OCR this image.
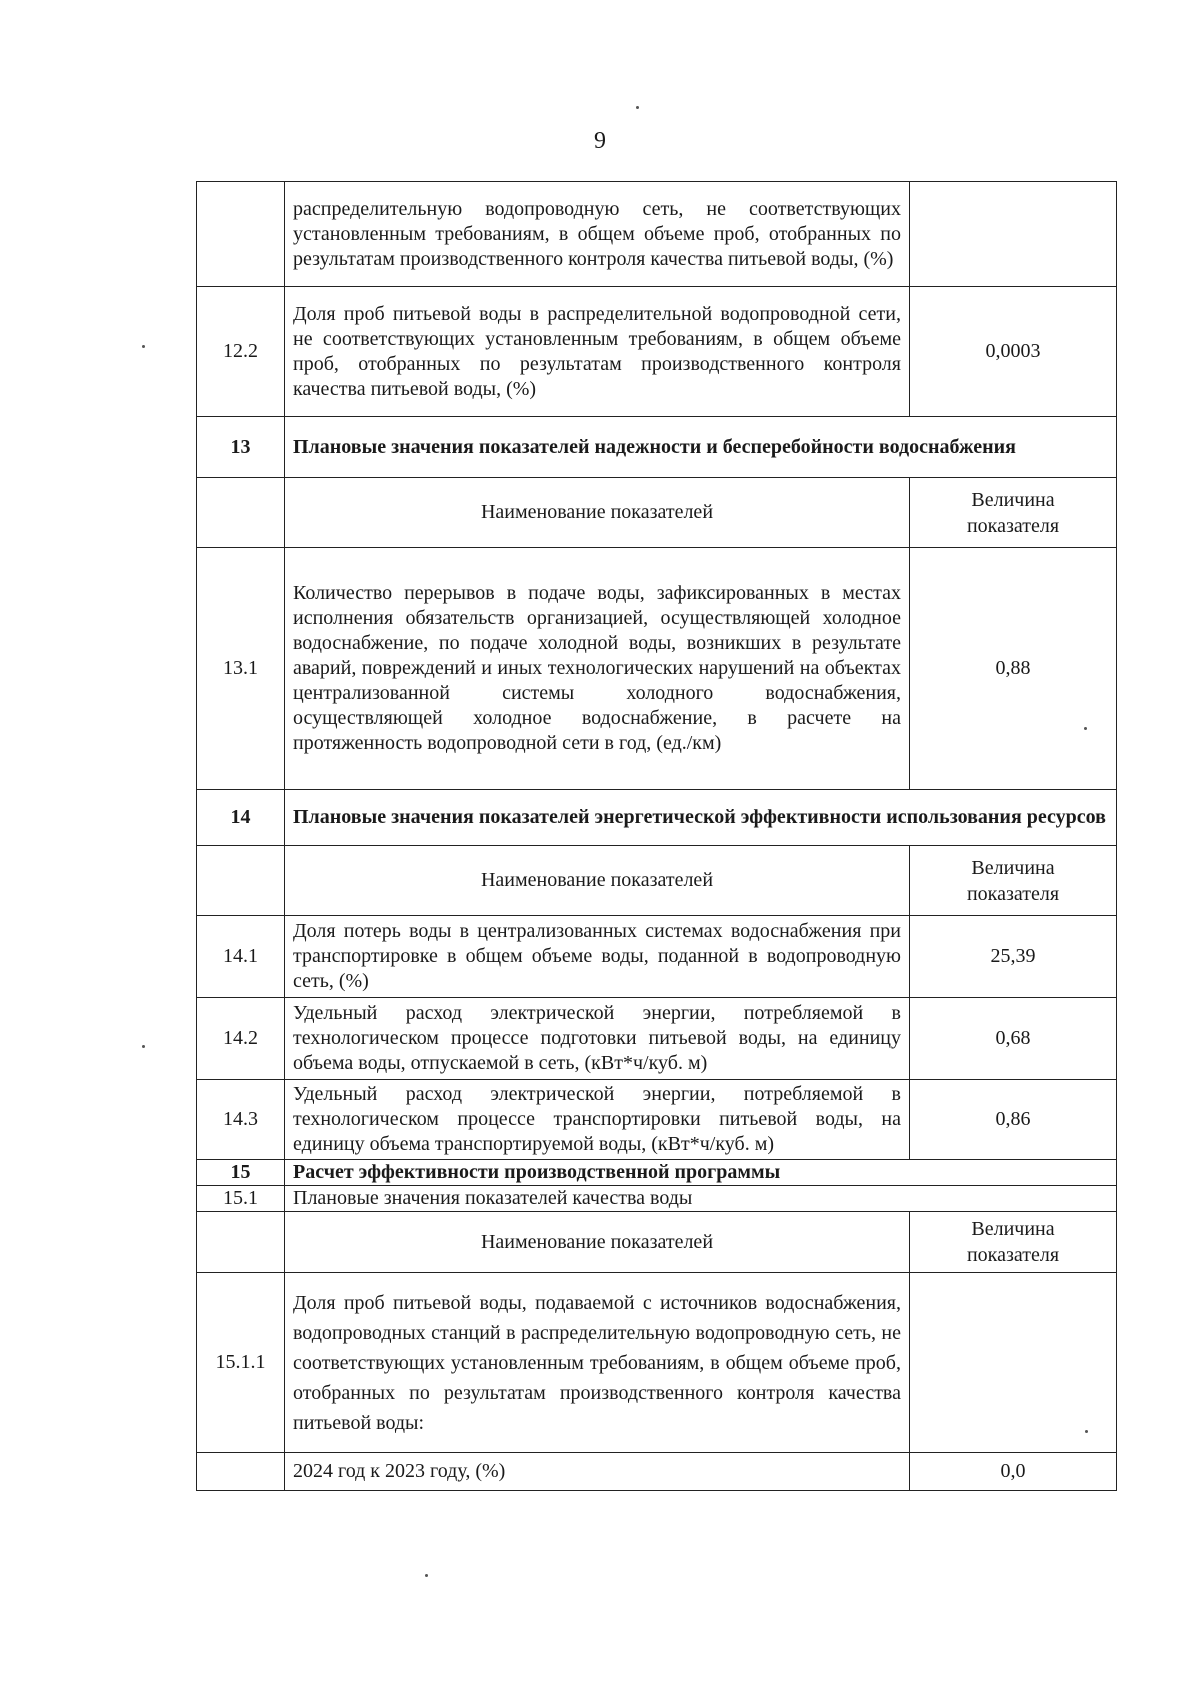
9
	распределительную водопроводную сеть, не соответствующих установленным требованиям, в общем объеме проб, отобранных по результатам производственного контроля качества питьевой воды, (%)	
12.2	Доля проб питьевой воды в распределительной водопроводной сети, не соответствующих установленным требованиям, в общем объеме проб, отобранных по результатам производственного контроля качества питьевой воды, (%)	0,0003
13	Плановые значения показателей надежности и бесперебойности водоснабжения	
	Наименование показателей	Величина
показателя

13.1	Количество перерывов в подаче воды, зафиксированных в местах исполнения обязательств организацией, осуществляющей холодное водоснабжение, по подаче холодной воды, возникших в результате аварий, повреждений и иных технологических нарушений на объектах централизованной системы холодного водоснабжения, осуществляющей холодное водоснабжение, в расчете на протяженность водопроводной сети в год, (ед./км)	0,88
14	Плановые значения показателей энергетической эффективности использования ресурсов	
	Наименование показателей	Величина
показателя

14.1	Доля потерь воды в централизованных системах водоснабжения при транспортировке в общем объеме воды, поданной в водопроводную сеть, (%)	25,39
14.2	Удельный расход электрической энергии, потребляемой в технологическом процессе подготовки питьевой воды, на единицу объема воды, отпускаемой в сеть, (кВт*ч/куб. м)	0,68
14.3	Удельный расход электрической энергии, потребляемой в технологическом процессе транспортировки питьевой воды, на единицу объема транспортируемой воды, (кВт*ч/куб. м)	0,86
15	Расчет эффективности производственной программы	
15.1	Плановые значения показателей качества воды	
	Наименование показателей	Величина
показателя

15.1.1	Доля проб питьевой воды, подаваемой с источников водоснабжения, водопроводных станций в распределительную водопроводную сеть, не соответствующих установленным требованиям, в общем объеме проб, отобранных по результатам производственного контроля качества питьевой воды:	
	2024 год к 2023 году, (%)	0,0
